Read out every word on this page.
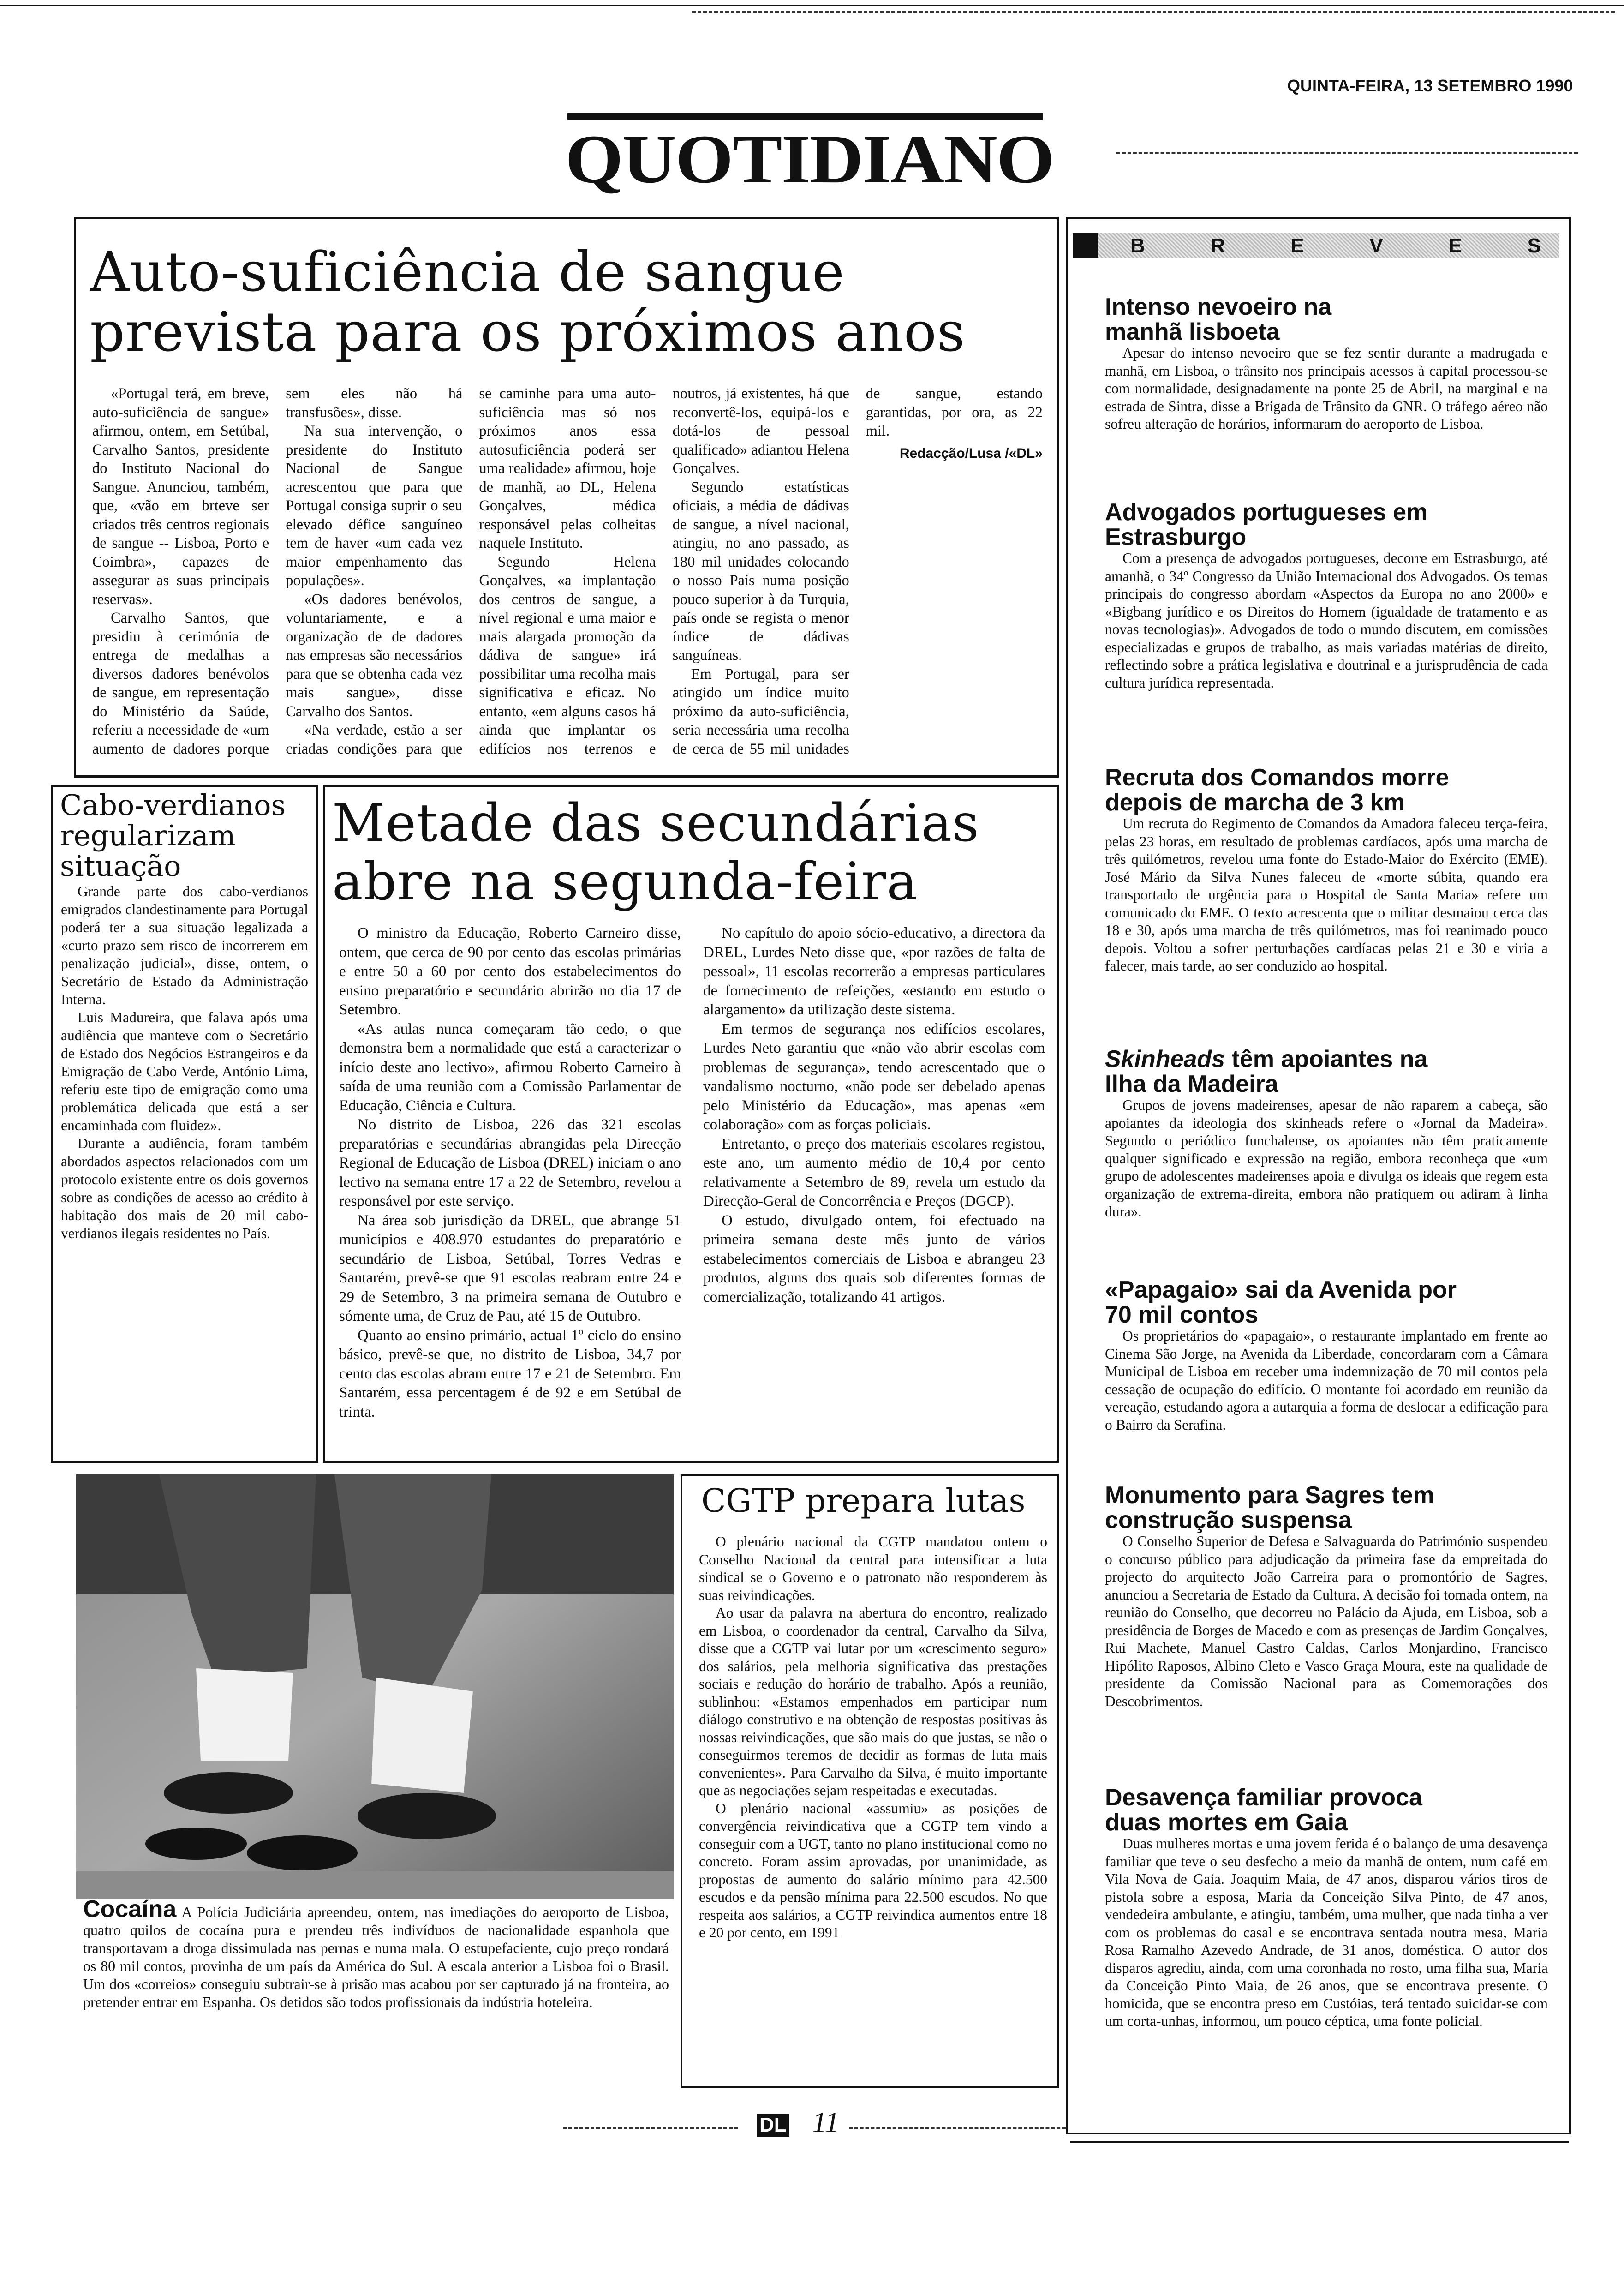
QUINTA-FEIRA, 13 SETEMBRO 1990
QUOTIDIANO
Auto-suficiência de sangue
prevista para os próximos anos

«Portugal terá, em breve, auto-suficiência de sangue» afirmou, ontem, em Setúbal, Carvalho Santos, presidente do Instituto Nacional do Sangue. Anunciou, também, que, «vão em brteve ser criados três centros regionais de sangue -- Lisboa, Porto e Coimbra», capazes de assegurar as suas principais reservas».

Carvalho Santos, que presidiu à cerimónia de entrega de medalhas a diversos dadores benévolos de sangue, em representação do Ministério da Saúde, referiu a necessidade de «um aumento de dadores porque sem eles não há transfusões», disse.

Na sua intervenção, o presidente do Instituto Nacional de Sangue acrescentou que para que Portugal consiga suprir o seu elevado défice sanguíneo tem de haver «um cada vez maior empenhamento das populações».

«Os dadores benévolos, voluntariamente, e a organização de de dadores nas empresas são necessários para que se obtenha cada vez mais sangue», disse Carvalho dos Santos.

«Na verdade, estão a ser criadas condições para que se caminhe para uma auto-suficiência mas só nos próximos anos essa autosuficiência poderá ser uma realidade» afirmou, hoje de manhã, ao DL, Helena Gonçalves, médica responsável pelas colheitas naquele Instituto.

Segundo Helena Gonçalves, «a implantação dos centros de sangue, a nível regional e uma maior e mais alargada promoção da dádiva de sangue» irá possibilitar uma recolha mais significativa e eficaz. No entanto, «em alguns casos há ainda que implantar os edifícios nos terrenos e noutros, já existentes, há que reconvertê-los, equipá-los e dotá-los de pessoal qualificado» adiantou Helena Gonçalves.

Segundo estatísticas oficiais, a média de dádivas de sangue, a nível nacional, atingiu, no ano passado, as 180 mil unidades colocando o nosso País numa posição pouco superior à da Turquia, país onde se regista o menor índice de dádivas sanguíneas.

Em Portugal, para ser atingido um índice muito próximo da auto-suficiência, seria necessária uma recolha de cerca de 55 mil unidades de sangue, estando garantidas, por ora, as 22 mil.

Redacção/Lusa /«DL»

Cabo-verdianos regularizam situação

Grande parte dos cabo-verdianos emigrados clandestinamente para Portugal poderá ter a sua situação legalizada a «curto prazo sem risco de incorrerem em penalização judicial», disse, ontem, o Secretário de Estado da Administração Interna.

Luis Madureira, que falava após uma audiência que manteve com o Secretário de Estado dos Negócios Estrangeiros e da Emigração de Cabo Verde, António Lima, referiu este tipo de emigração como uma problemática delicada que está a ser encaminhada com fluidez».

Durante a audiência, foram também abordados aspectos relacionados com um protocolo existente entre os dois governos sobre as condições de acesso ao crédito à habitação dos mais de 20 mil cabo-verdianos ilegais residentes no País.

Metade das secundárias
abre na segunda-feira

O ministro da Educação, Roberto Carneiro disse, ontem, que cerca de 90 por cento das escolas primárias e entre 50 a 60 por cento dos estabelecimentos do ensino preparatório e secundário abrirão no dia 17 de Setembro.

«As aulas nunca começaram tão cedo, o que demonstra bem a normalidade que está a caracterizar o início deste ano lectivo», afirmou Roberto Carneiro à saída de uma reunião com a Comissão Parlamentar de Educação, Ciência e Cultura.

No distrito de Lisboa, 226 das 321 escolas preparatórias e secundárias abrangidas pela Direcção Regional de Educação de Lisboa (DREL) iniciam o ano lectivo na semana entre 17 a 22 de Setembro, revelou a responsável por este serviço.

Na área sob jurisdição da DREL, que abrange 51 municípios e 408.970 estudantes do preparatório e secundário de Lisboa, Setúbal, Torres Vedras e Santarém, prevê-se que 91 escolas reabram entre 24 e 29 de Setembro, 3 na primeira semana de Outubro e sómente uma, de Cruz de Pau, até 15 de Outubro.

Quanto ao ensino primário, actual 1º ciclo do ensino básico, prevê-se que, no distrito de Lisboa, 34,7 por cento das escolas abram entre 17 e 21 de Setembro. Em Santarém, essa percentagem é de 92 e em Setúbal de trinta.

No capítulo do apoio sócio-educativo, a directora da DREL, Lurdes Neto disse que, «por razões de falta de pessoal», 11 escolas recorrerão a empresas particulares de fornecimento de refeições, «estando em estudo o alargamento» da utilização deste sistema.

Em termos de segurança nos edifícios escolares, Lurdes Neto garantiu que «não vão abrir escolas com problemas de segurança», tendo acrescentado que o vandalismo nocturno, «não pode ser debelado apenas pelo Ministério da Educação», mas apenas «em colaboração» com as forças policiais.

Entretanto, o preço dos materiais escolares registou, este ano, um aumento médio de 10,4 por cento relativamente a Setembro de 89, revela um estudo da Direcção-Geral de Concorrência e Preços (DGCP).

O estudo, divulgado ontem, foi efectuado na primeira semana deste mês junto de vários estabelecimentos comerciais de Lisboa e abrangeu 23 produtos, alguns dos quais sob diferentes formas de comercialização, totalizando 41 artigos.

Cocaína A Polícia Judiciária apreendeu, ontem, nas imediações do aeroporto de Lisboa, quatro quilos de cocaína pura e prendeu três indivíduos de nacionalidade espanhola que transportavam a droga dissimulada nas pernas e numa mala. O estupefaciente, cujo preço rondará os 80 mil contos, provinha de um país da América do Sul. A escala anterior a Lisboa foi o Brasil. Um dos «correios» conseguiu subtrair-se à prisão mas acabou por ser capturado já na fronteira, ao pretender entrar em Espanha. Os detidos são todos profissionais da indústria hoteleira.
CGTP prepara lutas

O plenário nacional da CGTP mandatou ontem o Conselho Nacional da central para intensificar a luta sindical se o Governo e o patronato não responderem às suas reivindicações.

Ao usar da palavra na abertura do encontro, realizado em Lisboa, o coordenador da central, Carvalho da Silva, disse que a CGTP vai lutar por um «crescimento seguro» dos salários, pela melhoria significativa das prestações sociais e redução do horário de trabalho. Após a reunião, sublinhou: «Estamos empenhados em participar num diálogo construtivo e na obtenção de respostas positivas às nossas reivindicações, que são mais do que justas, se não o conseguirmos teremos de decidir as formas de luta mais convenientes». Para Carvalho da Silva, é muito importante que as negociações sejam respeitadas e executadas.

O plenário nacional «assumiu» as posições de convergência reivindicativa que a CGTP tem vindo a conseguir com a UGT, tanto no plano institucional como no concreto. Foram assim aprovadas, por unanimidade, as propostas de aumento do salário mínimo para 42.500 escudos e da pensão mínima para 22.500 escudos. No que respeita aos salários, a CGTP reivindica aumentos entre 18 e 20 por cento, em 1991

B	R	E	V	E	S

Intenso nevoeiro na manhã lisboeta

Apesar do intenso nevoeiro que se fez sentir durante a madrugada e manhã, em Lisboa, o trânsito nos principais acessos à capital processou-se com normalidade, designadamente na ponte 25 de Abril, na marginal e na estrada de Sintra, disse a Brigada de Trânsito da GNR. O tráfego aéreo não sofreu alteração de horários, informaram do aeroporto de Lisboa.

Advogados portugueses em Estrasburgo

Com a presença de advogados portugueses, decorre em Estrasburgo, até amanhã, o 34º Congresso da União Internacional dos Advogados. Os temas principais do congresso abordam «Aspectos da Europa no ano 2000» e «Bigbang jurídico e os Direitos do Homem (igualdade de tratamento e as novas tecnologias)». Advogados de todo o mundo discutem, em comissões especializadas e grupos de trabalho, as mais variadas matérias de direito, reflectindo sobre a prática legislativa e doutrinal e a jurisprudência de cada cultura jurídica representada.

Recruta dos Comandos morre depois de marcha de 3 km

Um recruta do Regimento de Comandos da Amadora faleceu terça-feira, pelas 23 horas, em resultado de problemas cardíacos, após uma marcha de três quilómetros, revelou uma fonte do Estado-Maior do Exército (EME). José Mário da Silva Nunes faleceu de «morte súbita, quando era transportado de urgência para o Hospital de Santa Maria» refere um comunicado do EME. O texto acrescenta que o militar desmaiou cerca das 18 e 30, após uma marcha de três quilómetros, mas foi reanimado pouco depois. Voltou a sofrer perturbações cardíacas pelas 21 e 30 e viria a falecer, mais tarde, ao ser conduzido ao hospital.

Skinheads têm apoiantes na Ilha da Madeira

Grupos de jovens madeirenses, apesar de não raparem a cabeça, são apoiantes da ideologia dos skinheads refere o «Jornal da Madeira». Segundo o periódico funchalense, os apoiantes não têm praticamente qualquer significado e expressão na região, embora reconheça que «um grupo de adolescentes madeirenses apoia e divulga os ideais que regem esta organização de extrema-direita, embora não pratiquem ou adiram à linha dura».

«Papagaio» sai da Avenida por 70 mil contos

Os proprietários do «papagaio», o restaurante implantado em frente ao Cinema São Jorge, na Avenida da Liberdade, concordaram com a Câmara Municipal de Lisboa em receber uma indemnização de 70 mil contos pela cessação de ocupação do edifício. O montante foi acordado em reunião da vereação, estudando agora a autarquia a forma de deslocar a edificação para o Bairro da Serafina.

Monumento para Sagres tem construção suspensa

O Conselho Superior de Defesa e Salvaguarda do Património suspendeu o concurso público para adjudicação da primeira fase da empreitada do projecto do arquitecto João Carreira para o promontório de Sagres, anunciou a Secretaria de Estado da Cultura. A decisão foi tomada ontem, na reunião do Conselho, que decorreu no Palácio da Ajuda, em Lisboa, sob a presidência de Borges de Macedo e com as presenças de Jardim Gonçalves, Rui Machete, Manuel Castro Caldas, Carlos Monjardino, Francisco Hipólito Raposos, Albino Cleto e Vasco Graça Moura, este na qualidade de presidente da Comissão Nacional para as Comemorações dos Descobrimentos.

Desavença familiar provoca duas mortes em Gaia

Duas mulheres mortas e uma jovem ferida é o balanço de uma desavença familiar que teve o seu desfecho a meio da manhã de ontem, num café em Vila Nova de Gaia. Joaquim Maia, de 47 anos, disparou vários tiros de pistola sobre a esposa, Maria da Conceição Silva Pinto, de 47 anos, vendedeira ambulante, e atingiu, também, uma mulher, que nada tinha a ver com os problemas do casal e se encontrava sentada noutra mesa, Maria Rosa Ramalho Azevedo Andrade, de 31 anos, doméstica. O autor dos disparos agrediu, ainda, com uma coronhada no rosto, uma filha sua, Maria da Conceição Pinto Maia, de 26 anos, que se encontrava presente. O homicida, que se encontra preso em Custóias, terá tentado suicidar-se com um corta-unhas, informou, um pouco céptica, uma fonte policial.

DL 11
